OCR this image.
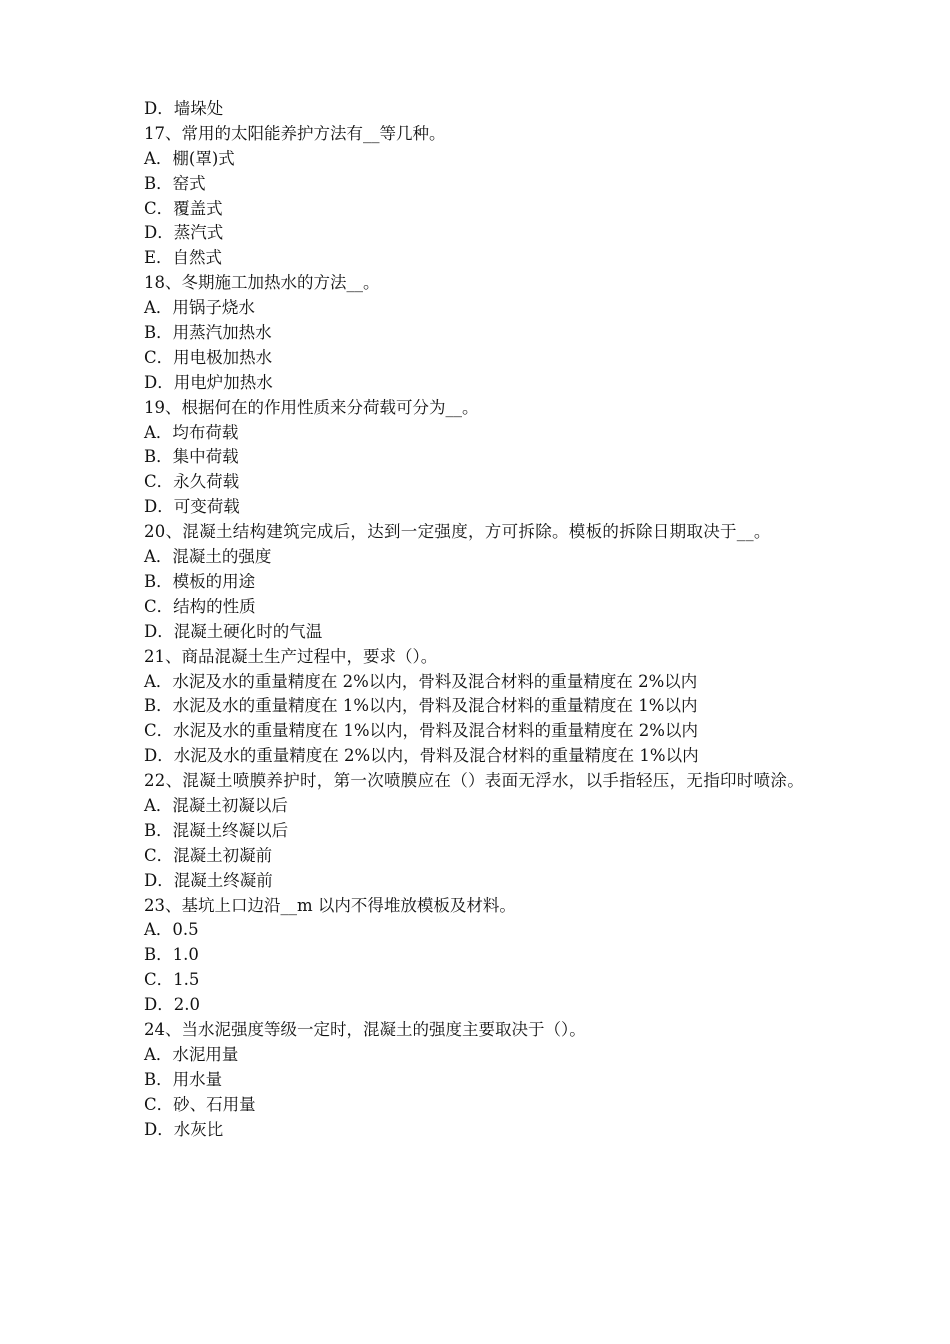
D．墙垛处
17、常用的太阳能养护方法有__等几种。
A．棚(罩)式
B．窑式
C．覆盖式
D．蒸汽式
E．自然式
18、冬期施工加热水的方法__。
A．用锅子烧水
B．用蒸汽加热水
C．用电极加热水
D．用电炉加热水
19、根据何在的作用性质来分荷载可分为__。
A．均布荷载
B．集中荷载
C．永久荷载
D．可变荷载
20、混凝土结构建筑完成后，达到一定强度，方可拆除。模板的拆除日期取决于__。
A．混凝土的强度
B．模板的用途
C．结构的性质
D．混凝土硬化时的气温
21、商品混凝土生产过程中，要求（）。
A．水泥及水的重量精度在 2%以内，骨料及混合材料的重量精度在 2%以内
B．水泥及水的重量精度在 1%以内，骨料及混合材料的重量精度在 1%以内
C．水泥及水的重量精度在 1%以内，骨料及混合材料的重量精度在 2%以内
D．水泥及水的重量精度在 2%以内，骨料及混合材料的重量精度在 1%以内
22、混凝土喷膜养护时，第一次喷膜应在（）表面无浮水，以手指轻压，无指印时喷涂。
A．混凝土初凝以后
B．混凝土终凝以后
C．混凝土初凝前
D．混凝土终凝前
23、基坑上口边沿__m 以内不得堆放模板及材料。
A．0.5
B．1.0
C．1.5
D．2.0
24、当水泥强度等级一定时，混凝土的强度主要取决于（）。
A．水泥用量
B．用水量
C．砂、石用量
D．水灰比
